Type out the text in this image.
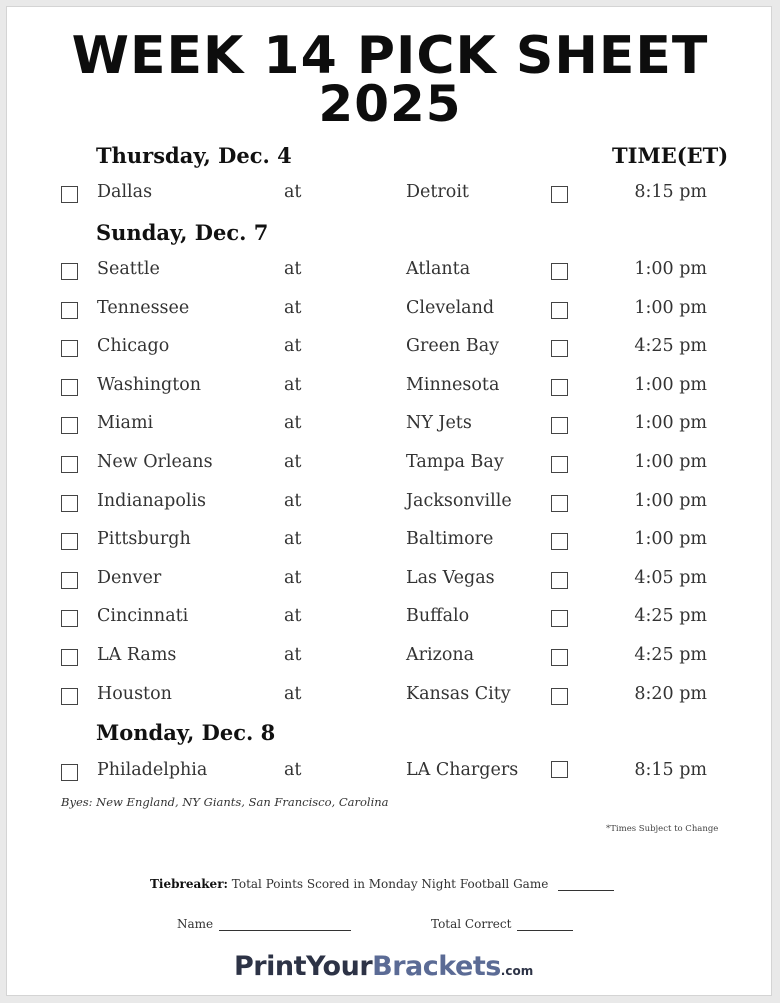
WEEK 14 PICK SHEET
2025
TIME(ET)
Thursday, Dec. 4
Dallas	at	Detroit	8:15 pm
Sunday, Dec. 7
Seattle	at	Atlanta	1:00 pm
Tennessee	at	Cleveland	1:00 pm
Chicago	at	Green Bay	4:25 pm
Washington	at	Minnesota	1:00 pm
Miami	at	NY Jets	1:00 pm
New Orleans	at	Tampa Bay	1:00 pm
Indianapolis	at	Jacksonville	1:00 pm
Pittsburgh	at	Baltimore	1:00 pm
Denver	at	Las Vegas	4:05 pm
Cincinnati	at	Buffalo	4:25 pm
LA Rams	at	Arizona	4:25 pm
Houston	at	Kansas City	8:20 pm
Monday, Dec. 8
Philadelphia	at	LA Chargers	8:15 pm
Byes: New England, NY Giants, San Francisco, Carolina
*Times Subject to Change
Tiebreaker: Total Points Scored in Monday Night Football Game
Name	Total Correct
PrintYourBrackets.com
